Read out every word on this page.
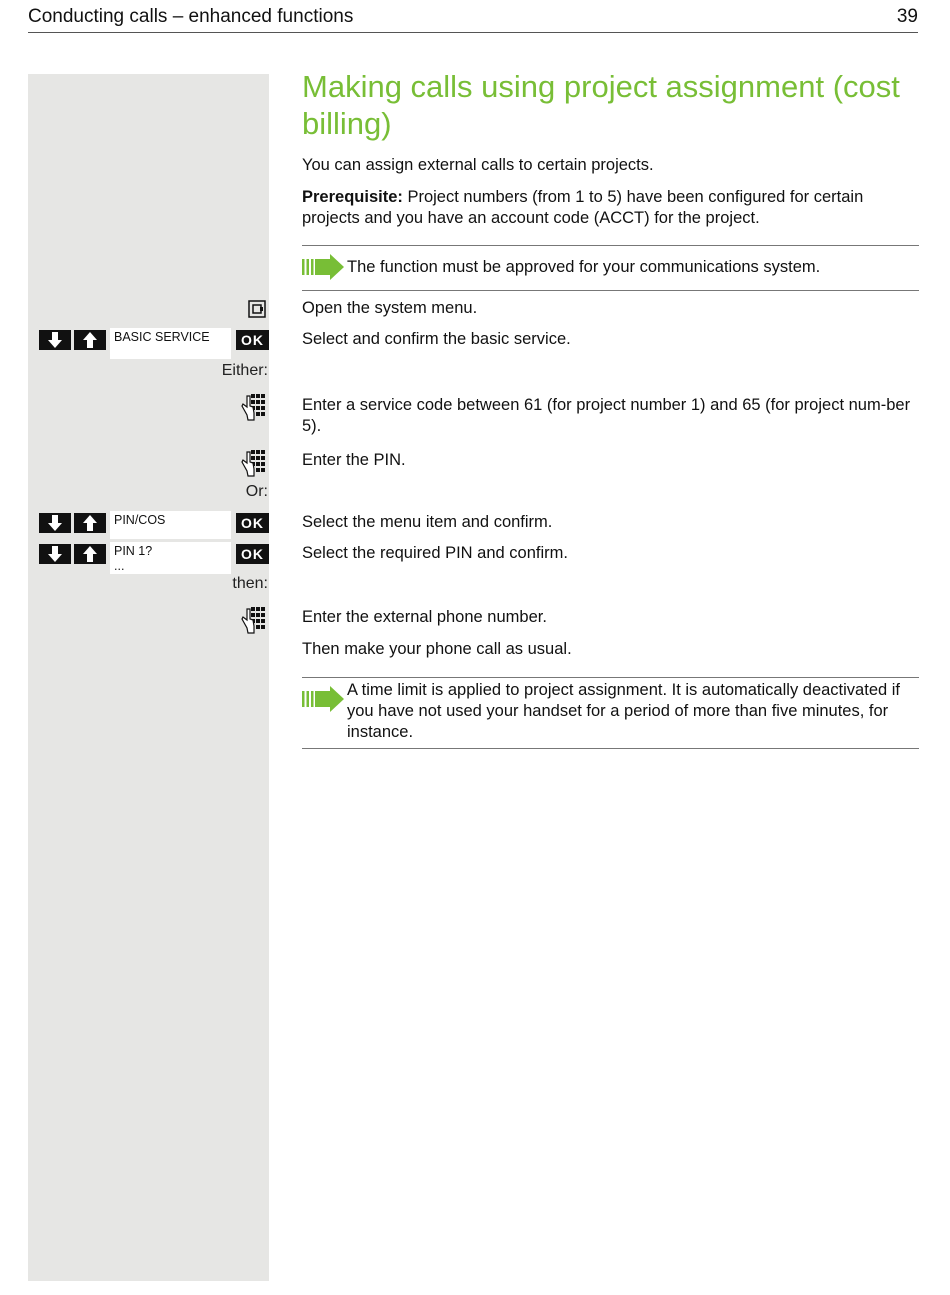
Conducting calls – enhanced functions	39
Making calls using project assignment (cost billing)

You can assign external calls to certain projects.

Prerequisite: Project numbers (from 1 to 5) have been configured for certain projects and you have an account code (ACCT) for the project.

The function must be approved for your communications system.

Open the system menu.

BASIC SERVICE	OK	Select and confirm the basic service.

Either:

Enter a service code between 61 (for project number 1) and 65 (for project num-ber 5).

Enter the PIN.

Or:
PIN/COS	OK	Select the menu item and confirm.

PIN 1?
...
OK	Select the required PIN and confirm.

then:

Enter the external phone number.

Then make your phone call as usual.

A time limit is applied to project assignment. It is automatically deactivated if you have not used your handset for a period of more than five minutes, for instance.
